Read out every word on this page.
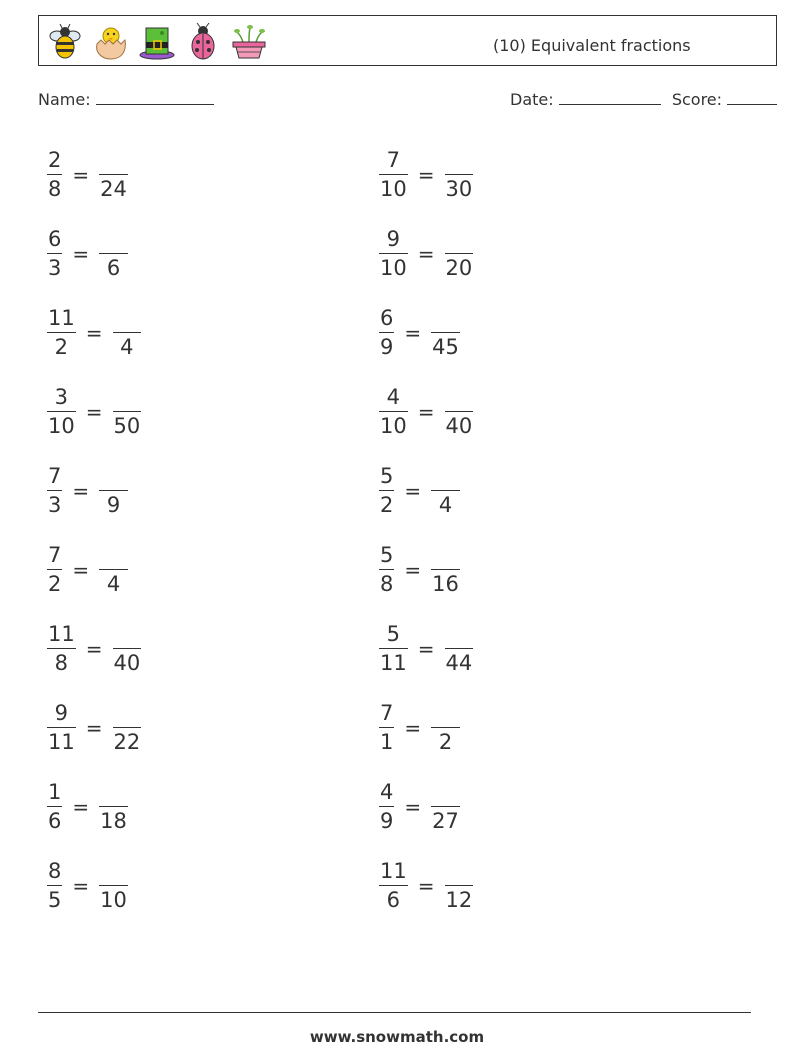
(10) Equivalent fractions
Name:	Date:	Score:
$\frac{2}{8}$ =
24
$\frac{6}{3}$ =
6
$\frac{11}{2}$ =
4
$\frac{3}{10}$ =
50
$\frac{7}{3}$ =
9
$\frac{7}{2}$ =
4
$\frac{11}{8}$ =
40
$\frac{9}{11}$ =
22
$\frac{1}{6}$ =
18
$\frac{8}{5}$ =
10
$\frac{7}{10}$ =
30
$\frac{9}{10}$ =
20
$\frac{6}{9}$ =
45
$\frac{4}{10}$ =
40
$\frac{5}{2}$ =
4
$\frac{5}{8}$ =
16
$\frac{5}{11}$ =
44
$\frac{7}{1}$ =
2
$\frac{4}{9}$ =
27
$\frac{11}{6}$ =
12
www.snowmath.com
